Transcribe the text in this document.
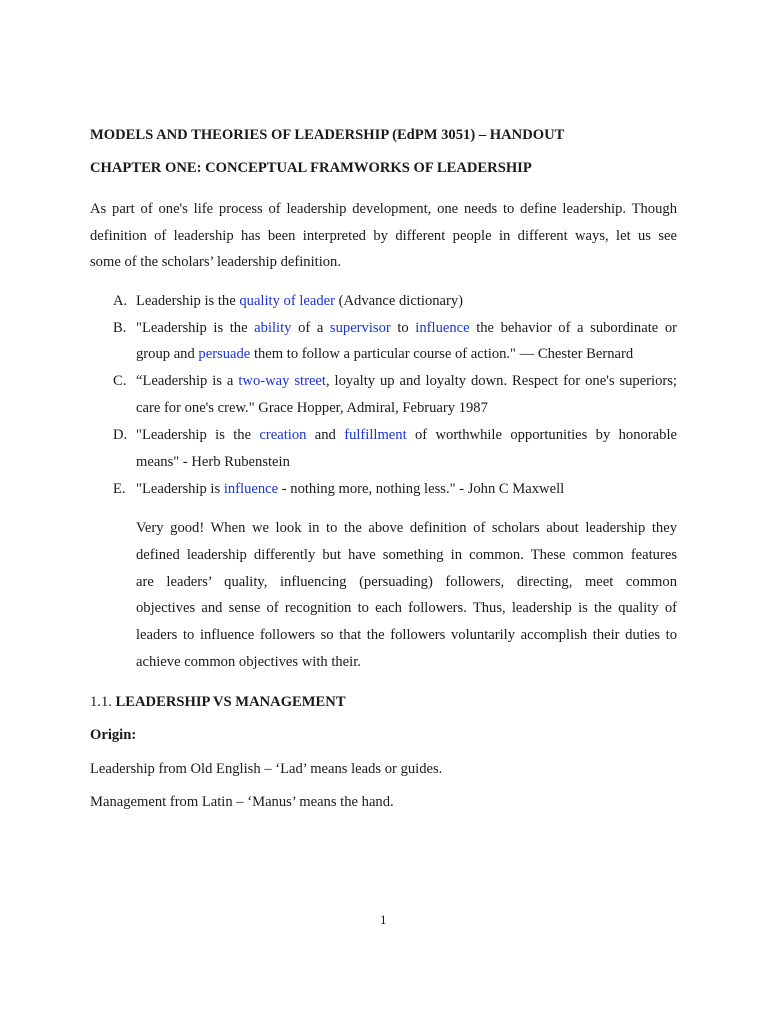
MODELS AND THEORIES OF LEADERSHIP (EdPM 3051) – HANDOUT
CHAPTER ONE: CONCEPTUAL FRAMWORKS OF LEADERSHIP
As part of one's life process of leadership development, one needs to define leadership. Though
definition of leadership has been interpreted by different people in different ways, let us see
some of the scholars’ leadership definition.
A. Leadership is the quality of leader (Advance dictionary)
B. "Leadership is the ability of a supervisor to influence the behavior of a subordinate or
group and persuade them to follow a particular course of action." — Chester Bernard
C. “Leadership is a two-way street, loyalty up and loyalty down. Respect for one's superiors;
care for one's crew." Grace Hopper, Admiral, February 1987
D. "Leadership is the creation and fulfillment of worthwhile opportunities by honorable
means" - Herb Rubenstein
E. "Leadership is influence - nothing more, nothing less." - John C Maxwell
Very good! When we look in to the above definition of scholars about leadership they
defined leadership differently but have something in common. These common features
are leaders’ quality, influencing (persuading) followers, directing, meet common
objectives and sense of recognition to each followers. Thus, leadership is the quality of
leaders to influence followers so that the followers voluntarily accomplish their duties to
achieve common objectives with their.
1.1. LEADERSHIP VS MANAGEMENT
Origin:
Leadership from Old English – ‘Lad’ means leads or guides.
Management from Latin – ‘Manus’ means the hand.
1
